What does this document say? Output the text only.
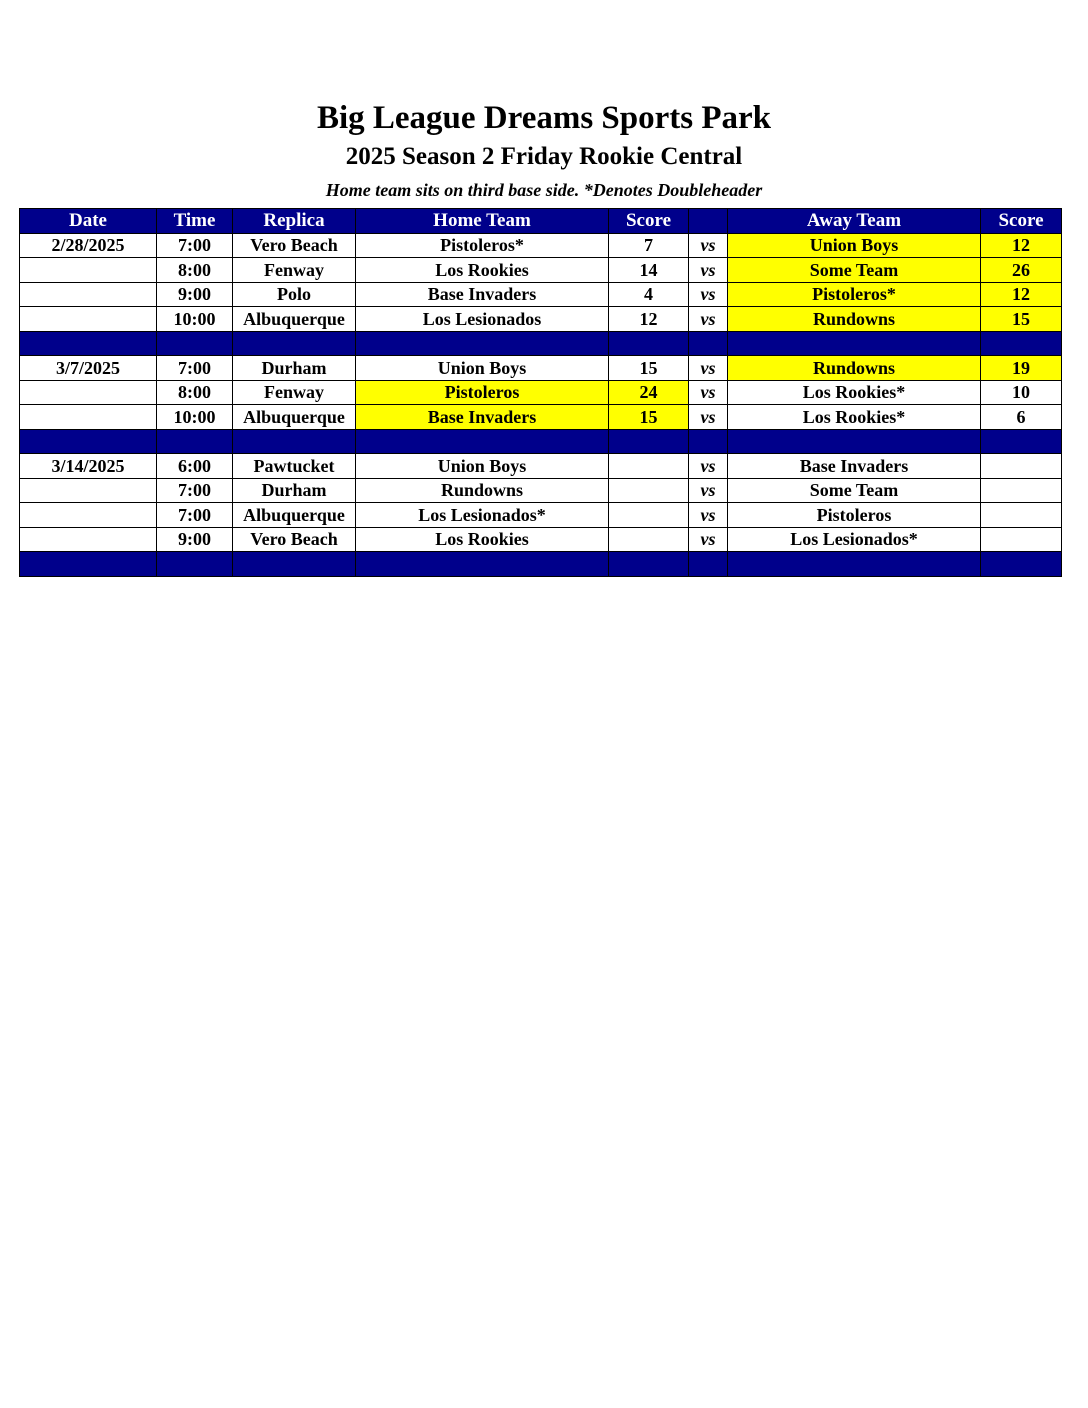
Big League Dreams Sports Park
2025 Season 2 Friday Rookie Central
Home team sits on third base side. *Denotes Doubleheader
Date	Time	Replica	Home Team	Score		Away Team	Score
2/28/2025	7:00	Vero Beach	Pistoleros*	7	vs	Union Boys	12
	8:00	Fenway	Los Rookies	14	vs	Some Team	26
	9:00	Polo	Base Invaders	4	vs	Pistoleros*	12
	10:00	Albuquerque	Los Lesionados	12	vs	Rundowns	15

3/7/2025	7:00	Durham	Union Boys	15	vs	Rundowns	19
	8:00	Fenway	Pistoleros	24	vs	Los Rookies*	10
	10:00	Albuquerque	Base Invaders	15	vs	Los Rookies*	6

3/14/2025	6:00	Pawtucket	Union Boys		vs	Base Invaders	
	7:00	Durham	Rundowns		vs	Some Team	
	7:00	Albuquerque	Los Lesionados*		vs	Pistoleros	
	9:00	Vero Beach	Los Rookies		vs	Los Lesionados*	
